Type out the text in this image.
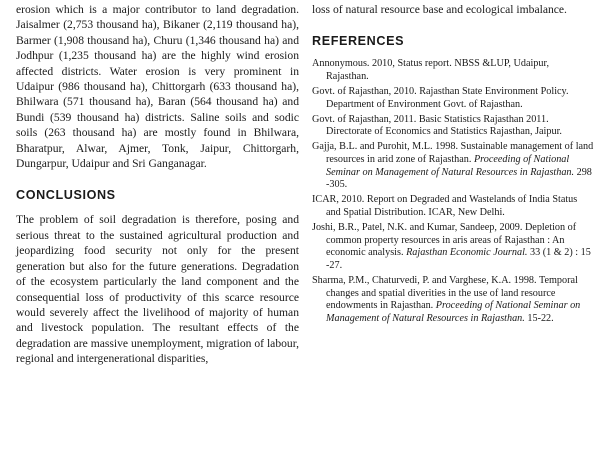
erosion which is a major contributor to land degradation. Jaisalmer (2,753 thousand ha), Bikaner (2,119 thousand ha), Barmer (1,908 thousand ha), Churu (1,346 thousand ha) and Jodhpur (1,235 thousand ha) are the highly wind erosion affected districts. Water erosion is very prominent in Udaipur (986 thousand ha), Chittorgarh (633 thousand ha), Bhilwara (571 thousand ha), Baran (564 thousand ha) and Bundi (539 thousand ha) districts. Saline soils and sodic soils (263 thousand ha) are mostly found in Bhilwara, Bharatpur, Alwar, Ajmer, Tonk, Jaipur, Chittorgarh, Dungarpur, Udaipur and Sri Ganganagar.

CONCLUSIONS

The problem of soil degradation is therefore, posing and serious threat to the sustained agricultural production and jeopardizing food security not only for the present generation but also for the future generations. Degradation of the ecosystem particularly the land component and the consequential loss of productivity of this scarce resource would severely affect the livelihood of majority of human and livestock population. The resultant effects of the degradation are massive unemployment, migration of labour, regional and intergenerational disparities,

loss of natural resource base and ecological imbalance.

REFERENCES
Annonymous. 2010, Status report. NBSS &LUP, Udaipur, Rajasthan.
Govt. of Rajasthan, 2010. Rajasthan State Environment Policy. Department of Environment Govt. of Rajasthan.
Govt. of Rajasthan, 2011. Basic Statistics Rajasthan 2011. Directorate of Economics and Statistics Rajasthan, Jaipur.
Gajja, B.L. and Purohit, M.L. 1998. Sustainable management of land resources in arid zone of Rajasthan. Proceeding of National Seminar on Management of Natural Resources in Rajasthan. 298 -305.
ICAR, 2010. Report on Degraded and Wastelands of India Status and Spatial Distribution. ICAR, New Delhi.
Joshi, B.R., Patel, N.K. and Kumar, Sandeep, 2009. Depletion of common property resources in aris areas of Rajasthan : An economic analysis. Rajasthan Economic Journal. 33 (1 & 2) : 15 -27.
Sharma, P.M., Chaturvedi, P. and Varghese, K.A. 1998. Temporal changes and spatial diverities in the use of land resource endowments in Rajasthan. Proceeding of National Seminar on Management of Natural Resources in Rajasthan. 15-22.
